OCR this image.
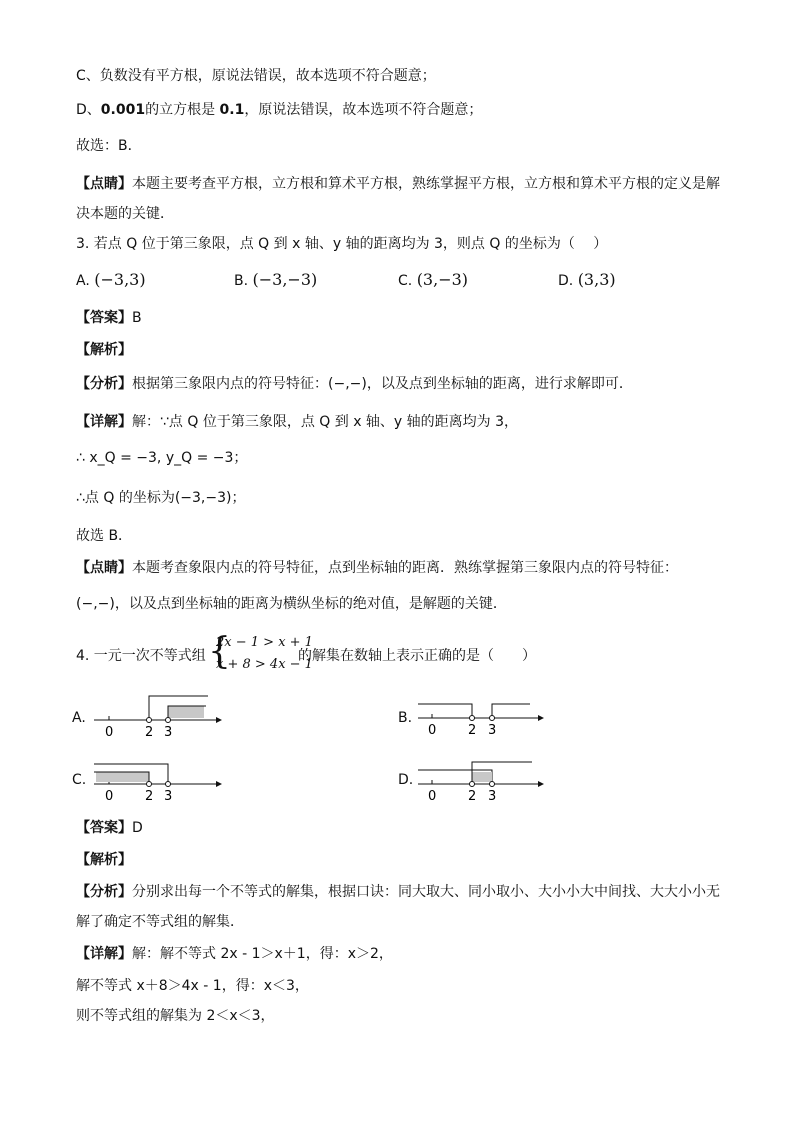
C、负数没有平方根，原说法错误，故本选项不符合题意；
D、0.001的立方根是 0.1，原说法错误，故本选项不符合题意；
故选：B．
【点睛】本题主要考查平方根，立方根和算术平方根，熟练掌握平方根，立方根和算术平方根的定义是解
决本题的关键．
3. 若点 Q 位于第三象限，点 Q 到 x 轴、y 轴的距离均为 3，则点 Q 的坐标为（　 ）
A. (−3,3)	B. (−3,−3)	C. (3,−3)	D. (3,3)
【答案】B
【解析】
【分析】根据第三象限内点的符号特征：(−,−)，以及点到坐标轴的距离，进行求解即可．
【详解】解：∵点 Q 位于第三象限，点 Q 到 x 轴、y 轴的距离均为 3，
∴ x_Q = −3, y_Q = −3；
∴点 Q 的坐标为(−3,−3)；
故选 B．
【点睛】本题考查象限内点的符号特征，点到坐标轴的距离．熟练掌握第三象限内点的符号特征：
(−,−)，以及点到坐标轴的距离为横纵坐标的绝对值，是解题的关键．
4. 一元一次不等式组 {
2x − 1 > x + 1
x + 8 > 4x − 1
的解集在数轴上表示正确的是（　　）
A.	B.
C.	D.
0 2 3	0 2 3
0 2 3	0 2 3
【答案】D
【解析】
【分析】分别求出每一个不等式的解集，根据口诀：同大取大、同小取小、大小小大中间找、大大小小无
解了确定不等式组的解集．
【详解】解：解不等式 2x - 1＞x＋1，得：x＞2，
解不等式 x＋8＞4x - 1，得：x＜3，
则不等式组的解集为 2＜x＜3，
